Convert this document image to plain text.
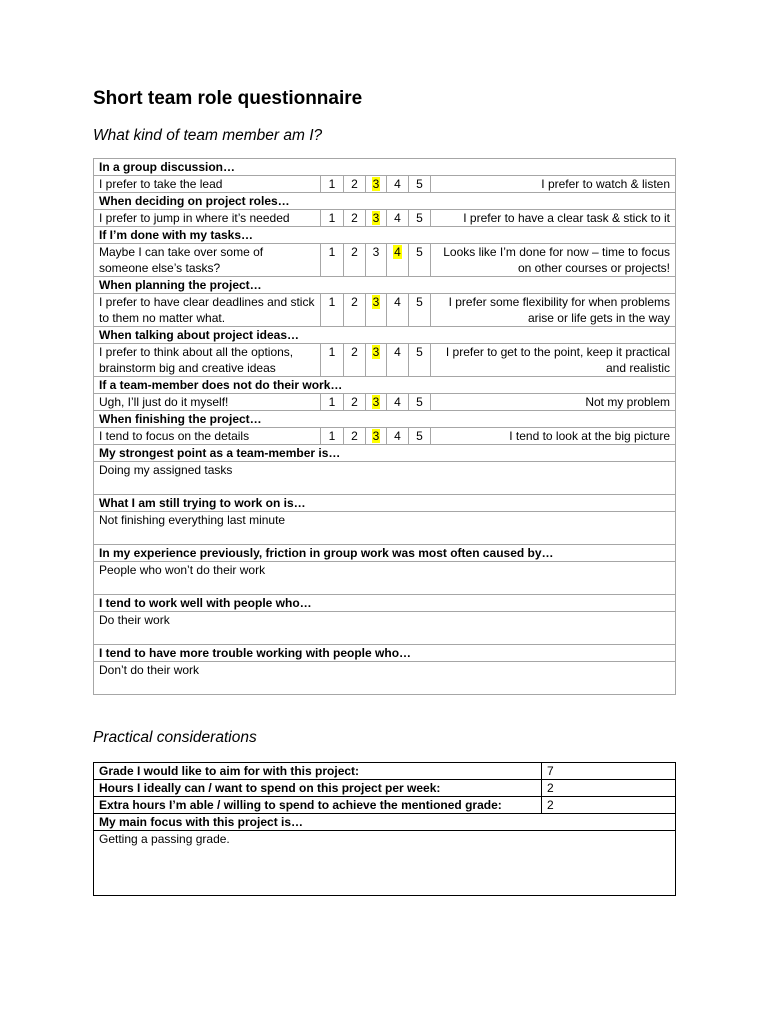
Short team role questionnaire
What kind of team member am I?
In a group discussion…						
I prefer to take the lead	1	2	3	4	5	I prefer to watch & listen
When deciding on project roles…						
I prefer to jump in where it’s needed	1	2	3	4	5	I prefer to have a clear task & stick to it
If I’m done with my tasks…						
Maybe I can take over some of someone else’s tasks?	1	2	3	4	5	Looks like I’m done for now – time to focus on other courses or projects!
When planning the project…						
I prefer to have clear deadlines and stick to them no matter what.	1	2	3	4	5	I prefer some flexibility for when problems arise or life gets in the way
When talking about project ideas…						
I prefer to think about all the options, brainstorm big and creative ideas	1	2	3	4	5	I prefer to get to the point, keep it practical and realistic
If a team-member does not do their work…						
Ugh, I’ll just do it myself!	1	2	3	4	5	Not my problem
When finishing the project…						
I tend to focus on the details	1	2	3	4	5	I tend to look at the big picture
My strongest point as a team-member is…						
Doing my assigned tasks						
What I am still trying to work on is…						
Not finishing everything last minute						
In my experience previously, friction in group work was most often caused by…						
People who won’t do their work						
I tend to work well with people who…						
Do their work						
I tend to have more trouble working with people who…						
Don’t do their work						
Practical considerations
Grade I would like to aim for with this project:	7
Hours I ideally can / want to spend on this project per week:	2
Extra hours I’m able / willing to spend to achieve the mentioned grade:	2
My main focus with this project is…	
Getting a passing grade.	
